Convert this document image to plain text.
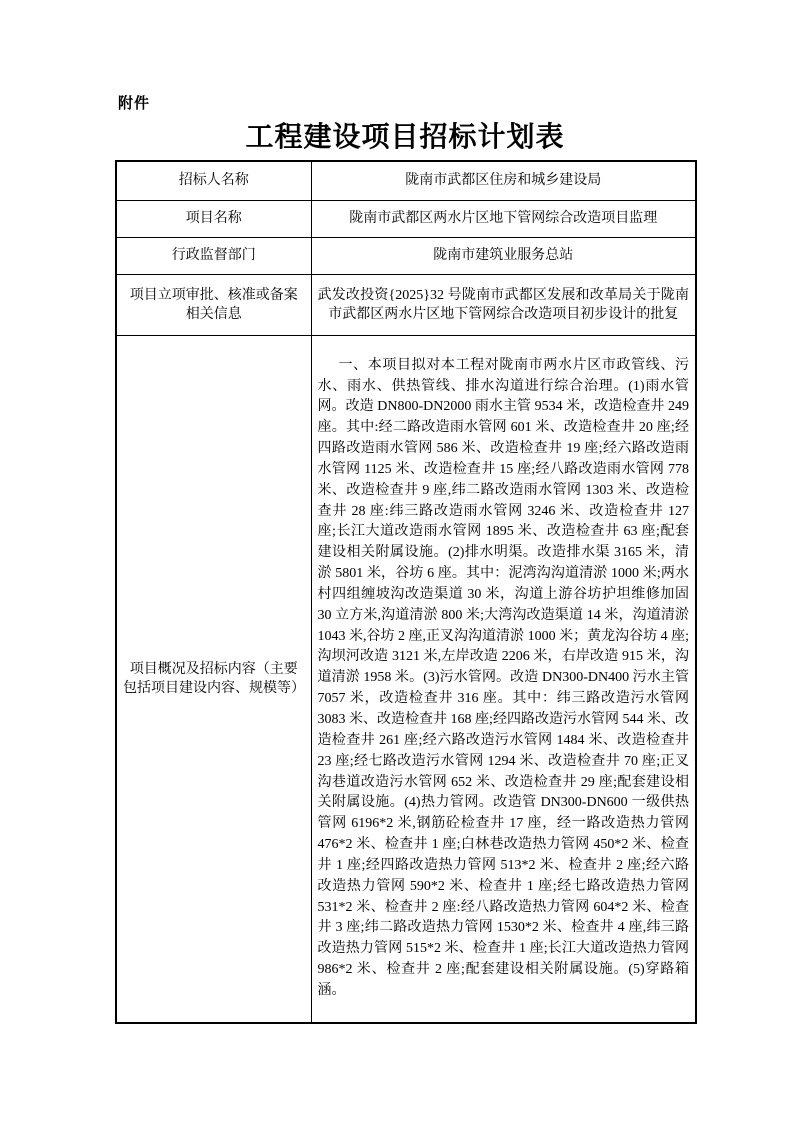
附件
工程建设项目招标计划表
招标人名称	陇南市武都区住房和城乡建设局
项目名称	陇南市武都区两水片区地下管网综合改造项目监理
行政监督部门	陇南市建筑业服务总站
项目立项审批、核准或备案相关信息	武发改投资{2025}32 号陇南市武都区发展和改革局关于陇南市武都区两水片区地下管网综合改造项目初步设计的批复
项目概况及招标内容（主要包括项目建设内容、规模等）	一、本项目拟对本工程对陇南市两水片区市政管线、污水、雨水、供热管线、排水沟道进行综合治理。(1)雨水管网。改造 DN800-DN2000 雨水主管 9534 米，改造检查井 249 座。其中:经二路改造雨水管网 601 米、改造检查井 20 座;经四路改造雨水管网 586 米、改造检查井 19 座;经六路改造雨水管网 1125 米、改造检查井 15 座;经八路改造雨水管网 778 米、改造检查井 9 座,纬二路改造雨水管网 1303 米、改造检查井 28 座:纬三路改造雨水管网 3246 米、改造检查井 127 座;长江大道改造雨水管网 1895 米、改造检查井 63 座;配套建设相关附属设施。(2)排水明渠。改造排水渠 3165 米，清淤 5801 米，谷坊 6 座。其中：泥湾沟沟道清淤 1000 米;两水村四组缠坡沟改造渠道 30 米，沟道上游谷坊护坦维修加固 30 立方米,沟道清淤 800 米;大湾沟改造渠道 14 米，沟道清淤 1043 米,谷坊 2 座,正叉沟沟道清淤 1000 米；黄龙沟谷坊 4 座;沟坝河改造 3121 米,左岸改造 2206 米，右岸改造 915 米，沟道清淤 1958 米。(3)污水管网。改造 DN300-DN400 污水主管 7057 米，改造检查井 316 座。其中：纬三路改造污水管网 3083 米、改造检查井 168 座;经四路改造污水管网 544 米、改造检查井 261 座;经六路改造污水管网 1484 米、改造检查井 23 座;经七路改造污水管网 1294 米、改造检查井 70 座;正叉沟巷道改造污水管网 652 米、改造检查井 29 座;配套建设相关附属设施。(4)热力管网。改造管 DN300-DN600 一级供热管网 6196*2 米,钢筋砼检查井 17 座，经一路改造热力管网 476*2 米、检查井 1 座;白林巷改造热力管网 450*2 米、检查井 1 座;经四路改造热力管网 513*2 米、检查井 2 座;经六路改造热力管网 590*2 米、检查井 1 座;经七路改造热力管网 531*2 米、检查井 2 座:经八路改造热力管网 604*2 米、检查井 3 座;纬二路改造热力管网 1530*2 米、检查井 4 座,纬三路改造热力管网 515*2 米、检查井 1 座;长江大道改造热力管网 986*2 米、检查井 2 座;配套建设相关附属设施。(5)穿路箱涵。
